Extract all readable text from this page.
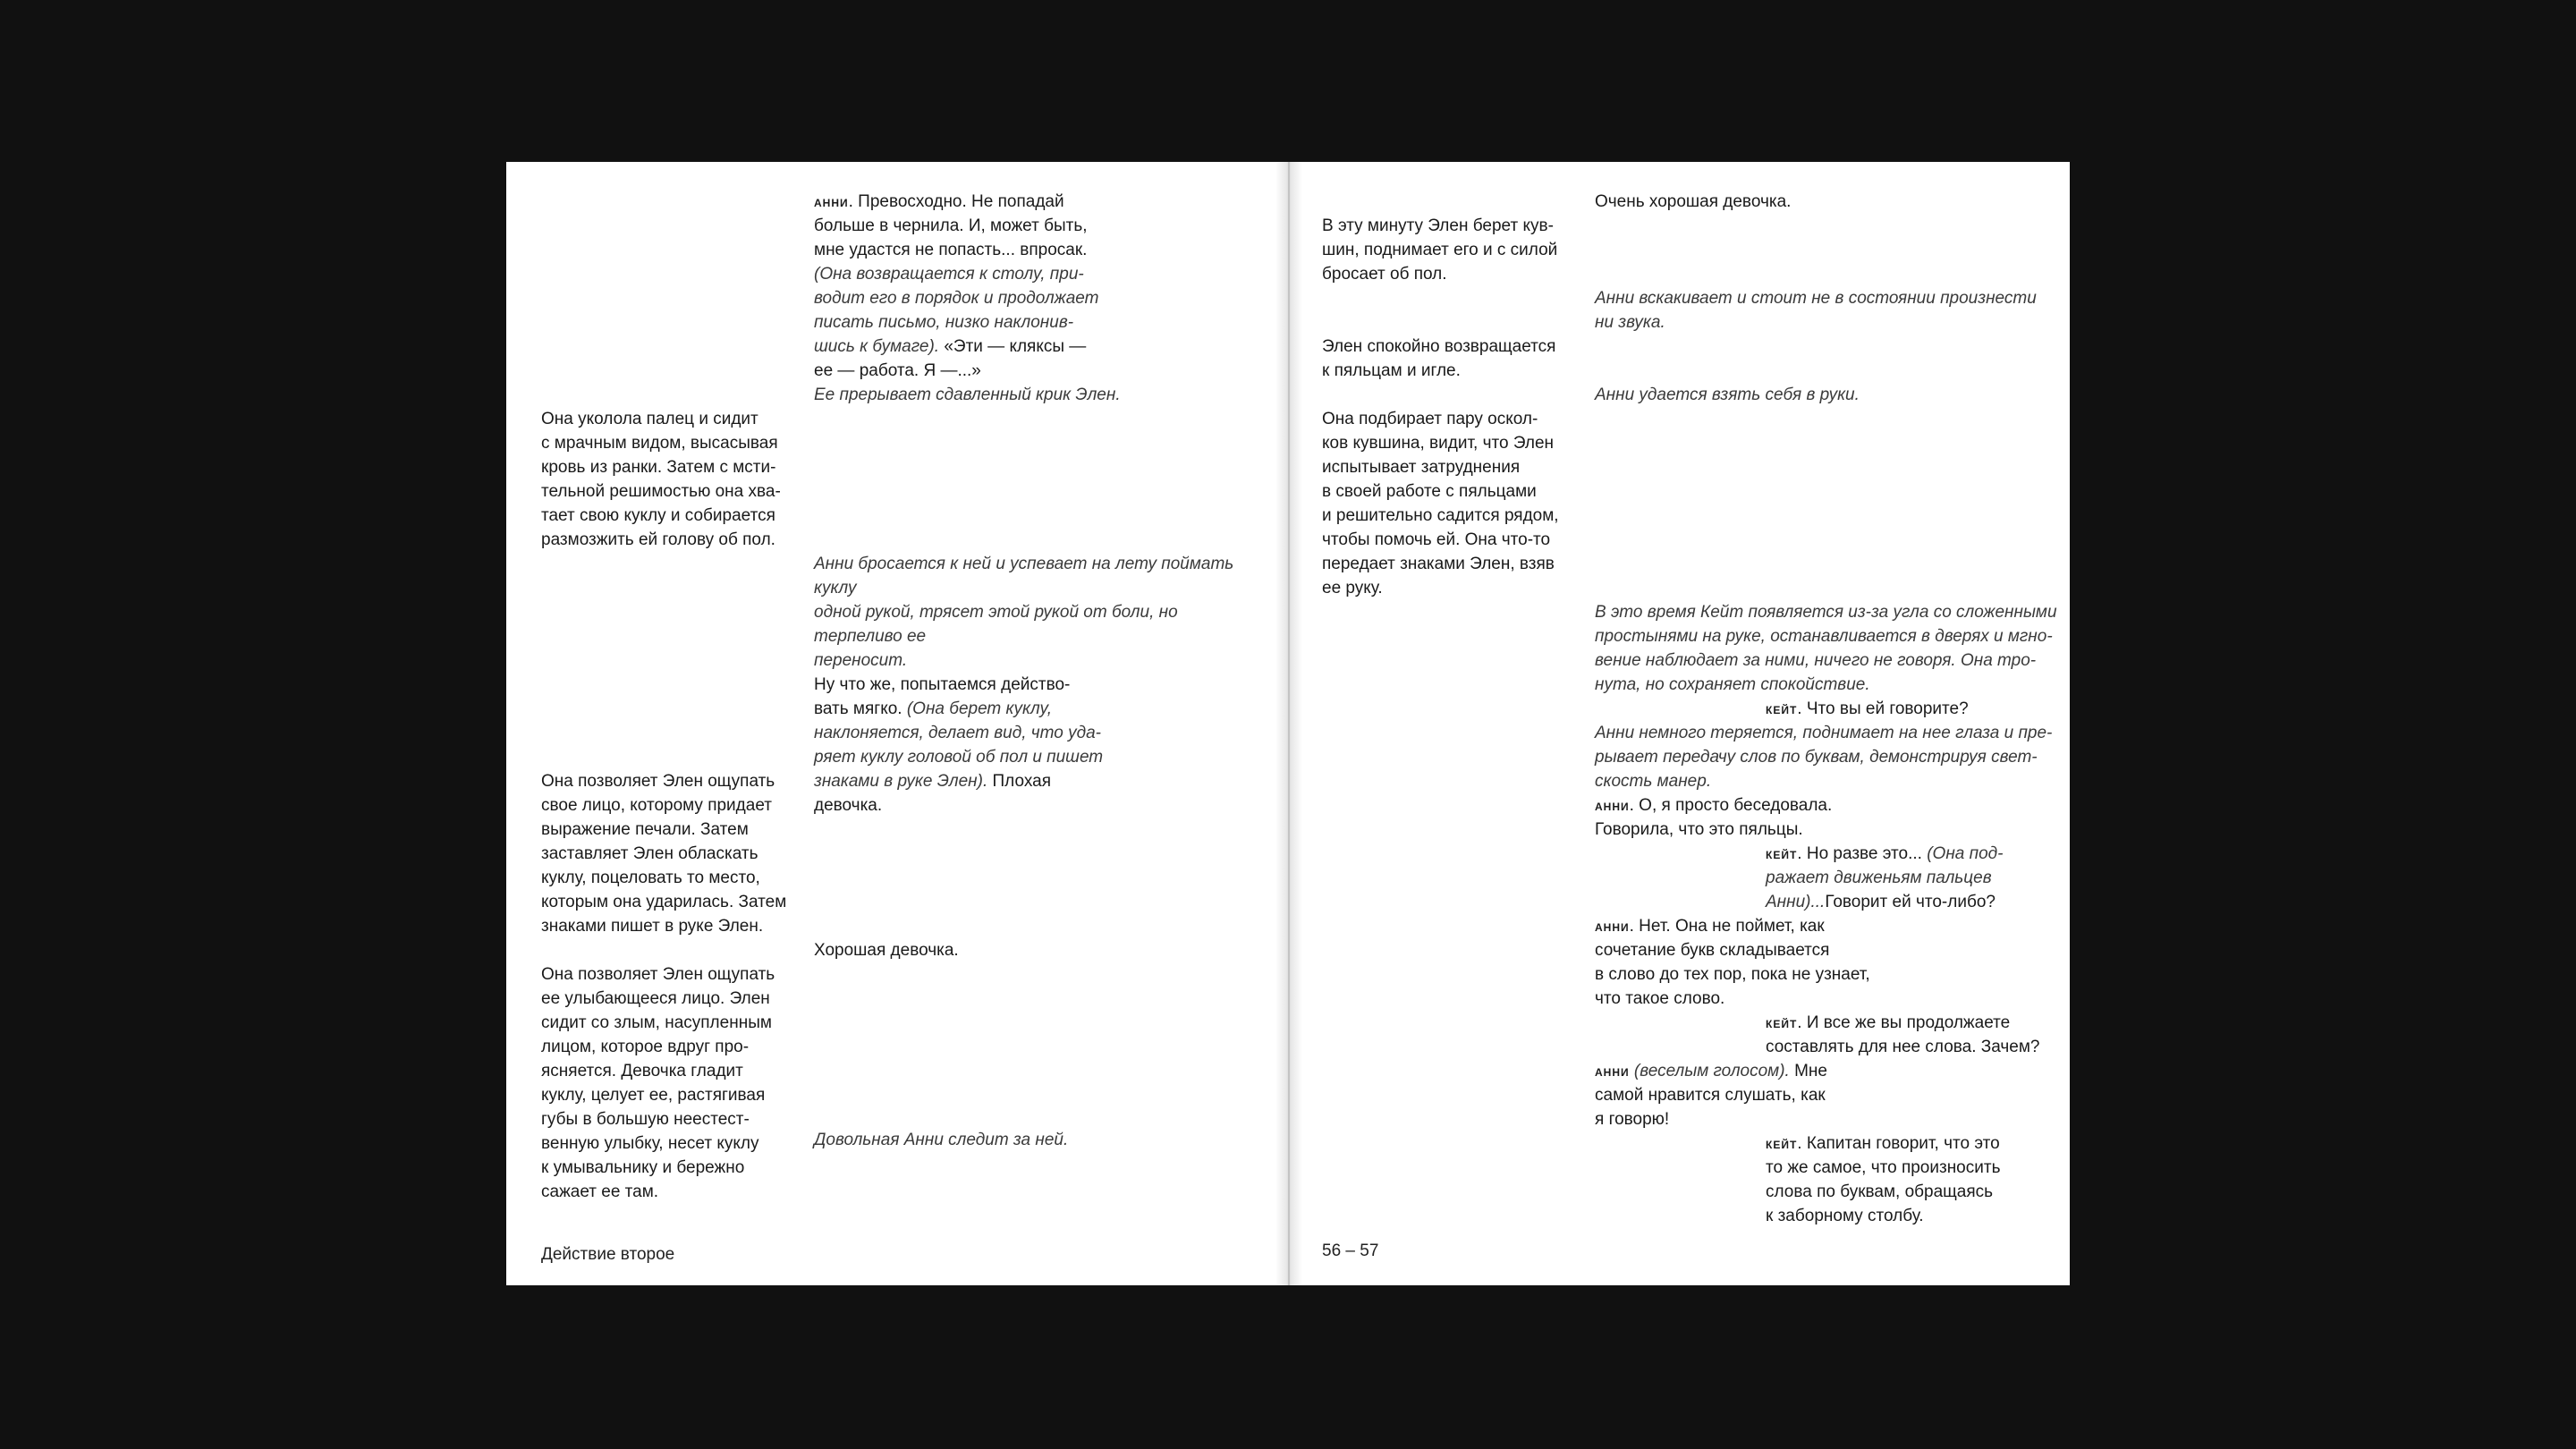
Она уколола палец и сидит
с мрачным видом, высасывая
кровь из ранки. Затем с мсти-
тельной решимостью она хва-
тает свою куклу и собирается
размозжить ей голову об пол.

Она позволяет Элен ощупать
свое лицо, которому придает
выражение печали. Затем
заставляет Элен обласкать
куклу, поцеловать то место,
которым она ударилась. Затем
знаками пишет в руке Элен.

Она позволяет Элен ощупать
ее улыбающееся лицо. Элен
сидит со злым, насупленным
лицом, которое вдруг про-
ясняется. Девочка гладит
куклу, целует ее, растягивая
губы в большую неестест-
венную улыбку, несет куклу
к умывальнику и бережно
сажает ее там.

анни. Превосходно. Не попадай
больше в чернила. И, может быть,
мне удастся не попасть... впросак.
(Она возвращается к столу, при-
водит его в порядок и продолжает
писать письмо, низко наклонив-
шись к бумаге). «Эти — кляксы —
ее — работа. Я —...»
Ее прерывает сдавленный крик Элен.

Анни бросается к ней и успевает на лету поймать куклу
одной рукой, трясет этой рукой от боли, но терпеливо ее
переносит.
Ну что же, попытаемся действо-
вать мягко. (Она берет куклу,
наклоняется, делает вид, что уда-
ряет куклу головой об пол и пишет
знаками в руке Элен). Плохая
девочка.

Хорошая девочка.

Довольная Анни следит за ней.

Действие второе

В эту минуту Элен берет кув-
шин, поднимает его и с силой
бросает об пол.

Элен спокойно возвращается
к пяльцам и игле.

Она подбирает пару оскол-
ков кувшина, видит, что Элен
испытывает затруднения
в своей работе с пяльцами
и решительно садится рядом,
чтобы помочь ей. Она что-то
передает знаками Элен, взяв
ее руку.

Очень хорошая девочка.

Анни вскакивает и стоит не в состоянии произнести
ни звука.

Анни удается взять себя в руки.

В это время Кейт появляется из-за угла со сложенными
простынями на руке, останавливается в дверях и мгно-
вение наблюдает за ними, ничего не говоря. Она тро-
нута, но сохраняет спокойствие.

кейт. Что вы ей говорите?

Анни немного теряется, поднимает на нее глаза и пре-
рывает передачу слов по буквам, демонстрируя свет-
скость манер.

анни. О, я просто беседовала.
Говорила, что это пяльцы.

кейт. Но разве это... (Она под-
ражает движеньям пальцев
Анни)...Говорит ей что-либо?

анни. Нет. Она не поймет, как
сочетание букв складывается
в слово до тех пор, пока не узнает,
что такое слово.

кейт. И все же вы продолжаете
составлять для нее слова. Зачем?

анни (веселым голосом). Мне
самой нравится слушать, как
я говорю!

кейт. Капитан говорит, что это
то же самое, что произносить
слова по буквам, обращаясь
к заборному столбу.

56 – 57
